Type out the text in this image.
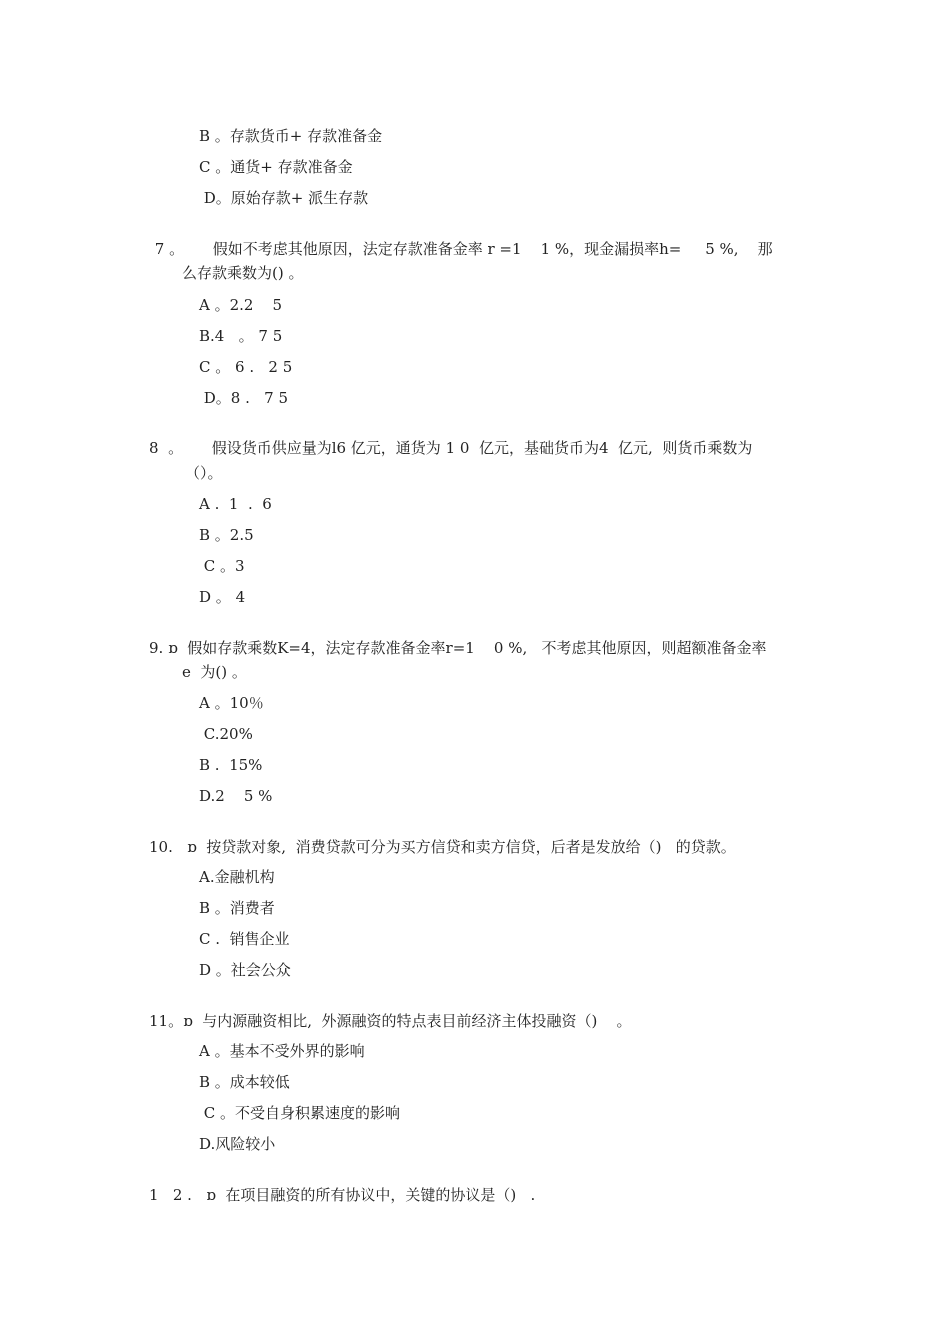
B 。存款货币+ 存款准备金
C 。通货+ 存款准备金
D。原始存款+ 派生存款
7 。      假如不考虑其他原因，法定存款准备金率 r =1    1 %，现金漏损率h=     5 %,    那
么存款乘数为() 。
A 。2.2    5
B.4   。 7 5
C 。 6 .   2 5
D。8 .   7 5
8  。      假设货币供应量为l6 亿元，通货为 1 0  亿元，基础货币为4  亿元,  则货币乘数为
（）。
A .  1  .  6
B 。2.5
C 。3
D 。 4
9. ɒ  假如存款乘数K=4，法定存款准备金率r=1    0 %,   不考虑其他原因，则超额准备金率
e  为() 。
A 。10％
C.20%
B .  15%
D.2    5 %
10.   ɒ  按贷款对象,  消费贷款可分为买方信贷和卖方信贷，后者是发放给（)   的贷款。
A.金融机构
B 。消费者
C .  销售企业
D 。社会公众
11。ɒ  与内源融资相比,  外源融资的特点表目前经济主体投融资（)    。
A 。基本不受外界的影响
B 。成本较低
C 。不受自身积累速度的影响
D.风险较小
1   2 .   ɒ  在项目融资的所有协议中，关键的协议是（)   .
